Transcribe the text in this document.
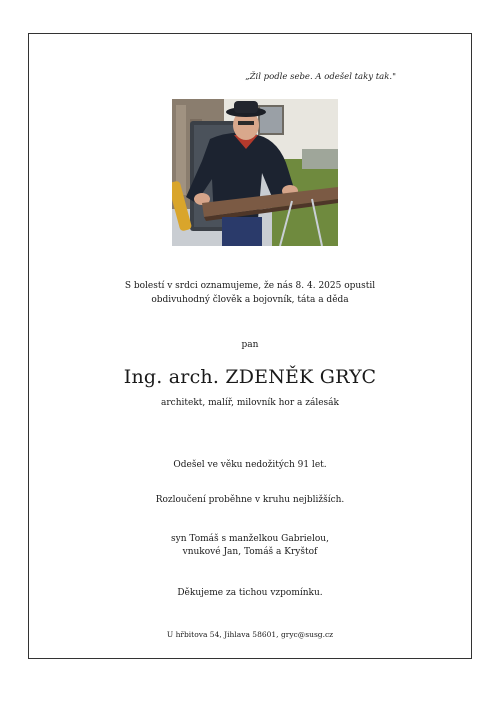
„Žil podle sebe. A odešel taky tak."
S bolestí v srdci oznamujeme, že nás 8. 4. 2025 opustil
obdivuhodný člověk a bojovník, táta a děda
pan
Ing. arch. ZDENĚK GRYC
architekt, malíř, milovník hor a zálesák
Odešel ve věku nedožitých 91 let.
Rozloučení proběhne v kruhu nejbližších.
syn Tomáš s manželkou Gabrielou,
vnukové Jan, Tomáš a Kryštof
Děkujeme za tichou vzpomínku.
U hřbitova 54, Jihlava 58601, gryc@susg.cz
